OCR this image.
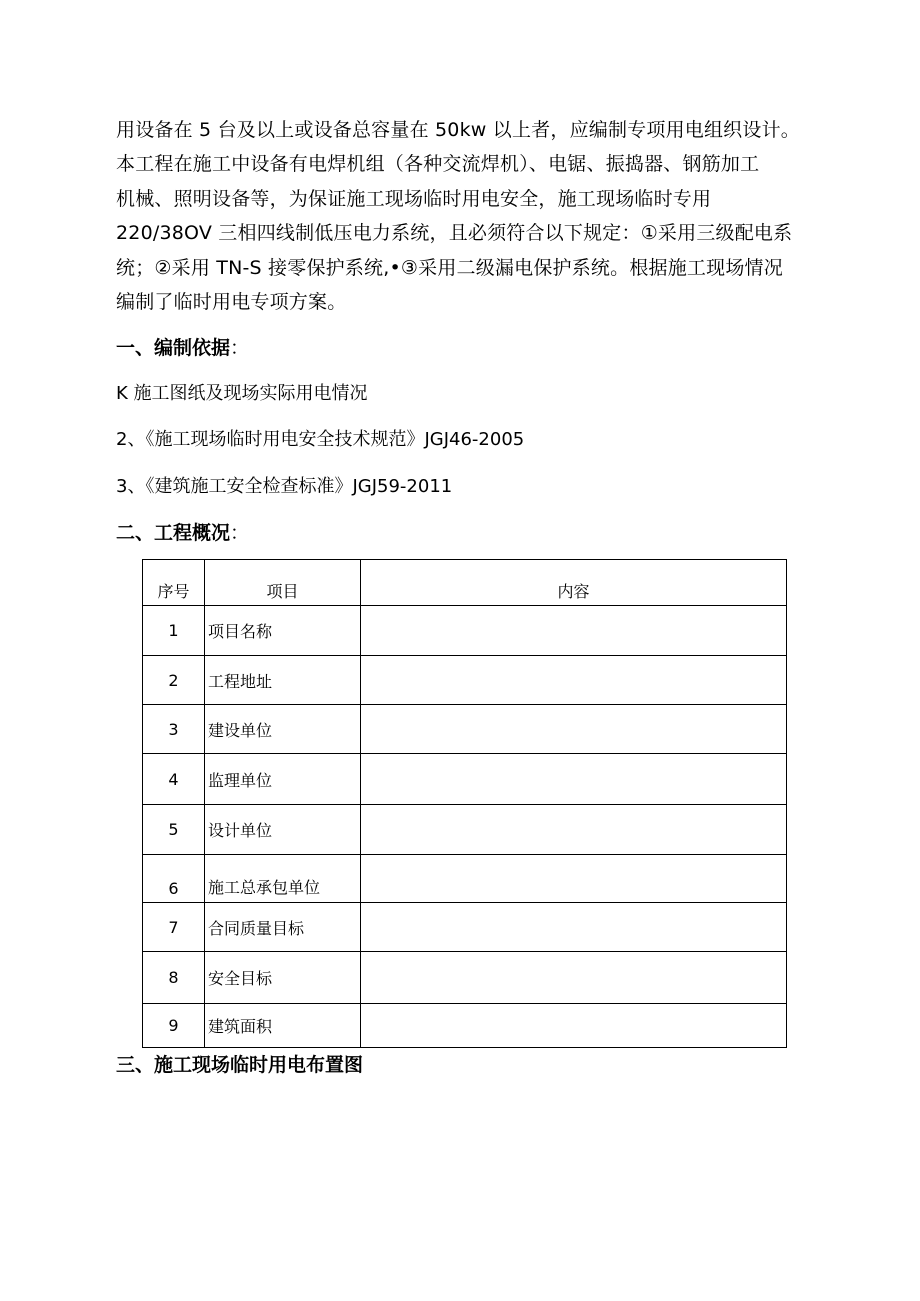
用设备在 5 台及以上或设备总容量在 50kw 以上者，应编制专项用电组织设计。
本工程在施工中设备有电焊机组（各种交流焊机）、电锯、振捣器、钢筋加工
机械、照明设备等，为保证施工现场临时用电安全，施工现场临时专用
220/38OV 三相四线制低压电力系统，且必须符合以下规定：①采用三级配电系
统；②采用 TN-S 接零保护系统,•③采用二级漏电保护系统。根据施工现场情况
编制了临时用电专项方案。
一、编制依据：
K 施工图纸及现场实际用电情况
2、《施工现场临时用电安全技术规范》JGJ46-2005
3、《建筑施工安全检查标准》JGJ59-2011
二、工程概况：
序号	项目	内容
1	项目名称	
2	工程地址	
3	建设单位	
4	监理单位	
5	设计单位	
6	施工总承包单位	
7	合同质量目标	
8	安全目标	
9	建筑面积	
三、施工现场临时用电布置图
